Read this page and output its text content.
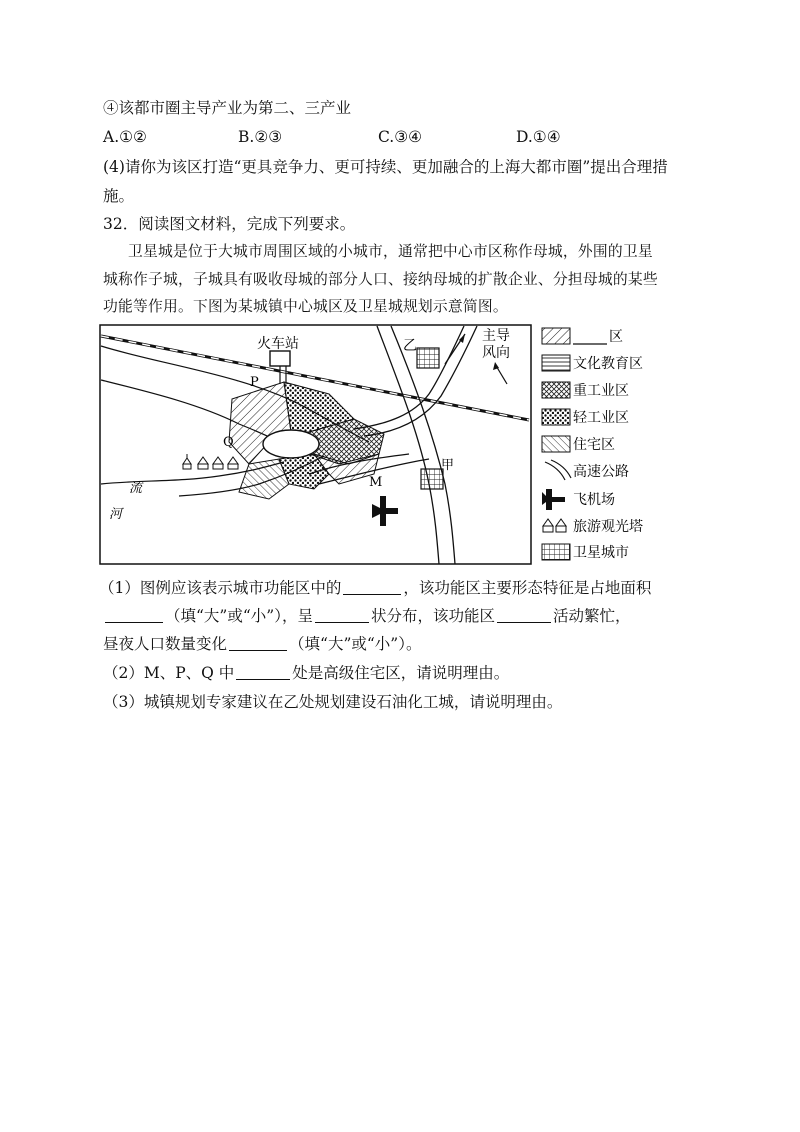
④该都市圈主导产业为第二、三产业
A.①②	B.②③	C.③④	D.①④
(4)请你为该区打造“更具竞争力、更可持续、更加融合的上海大都市圈”提出合理措
施。
32．阅读图文材料，完成下列要求。
卫星城是位于大城市周围区域的小城市，通常把中心市区称作母城，外围的卫星
城称作子城，子城具有吸收母城的部分人口、接纳母城的扩散企业、分担母城的某些
功能等作用。下图为某城镇中心城区及卫星城规划示意简图。
火车站	乙
甲
主导
风向
P
Q
M
流
河
区
文化教育区
重工业区
轻工业区
住宅区
高速公路
飞机场
旅游观光塔
卫星城市
（1）图例应该表示城市功能区中的	，该功能区主要形态特征是占地面积
（填“大”或“小”），呈	状分布，该功能区	活动繁忙，
昼夜人口数量变化	（填“大”或“小”）。
（2）M、P、Q 中	处是高级住宅区，请说明理由。
（3）城镇规划专家建议在乙处规划建设石油化工城，请说明理由。
